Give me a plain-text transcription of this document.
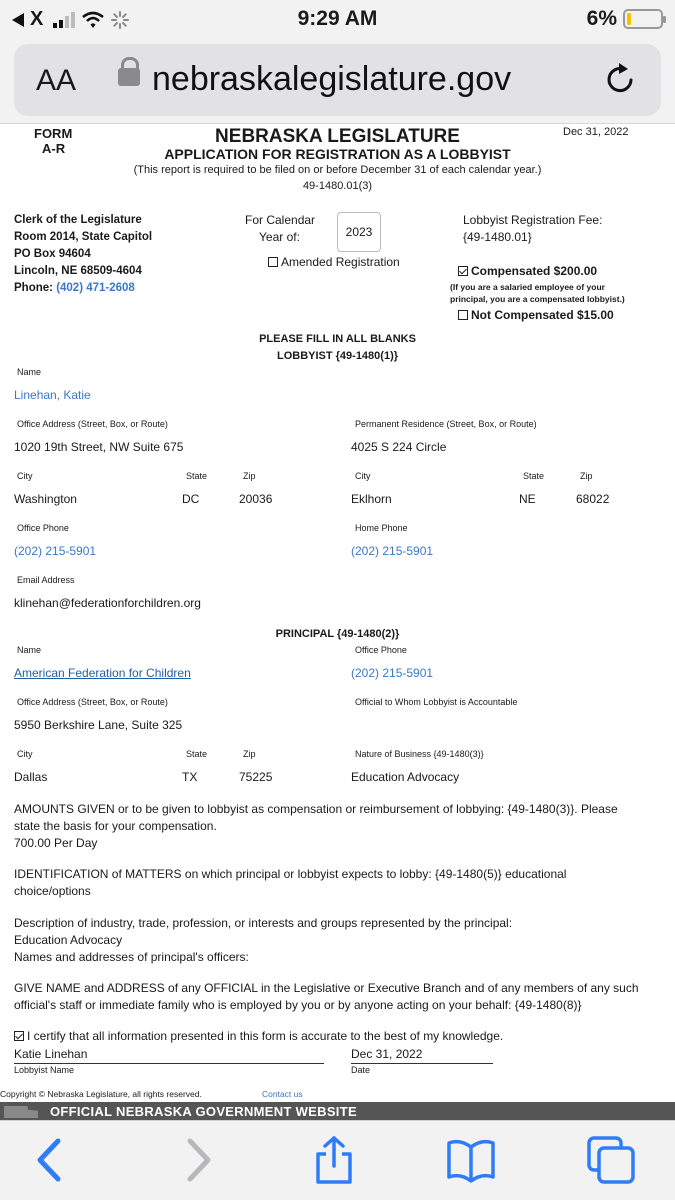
X	9:29 AM	6%
AA nebraskalegislature.gov
FORM
A-R
NEBRASKA LEGISLATURE	Dec 31, 2022
APPLICATION FOR REGISTRATION AS A LOBBYIST
(This report is required to be filed on or before December 31 of each calendar year.)
49-1480.01(3)
Clerk of the Legislature
Room 2014, State Capitol
PO Box 94604
Lincoln, NE 68509-4604
Phone: (402) 471-2608
For Calendar
Year of:	2023
Amended Registration
Lobbyist Registration Fee:
{49-1480.01}
Compensated $200.00
(If you are a salaried employee of your
principal, you are a compensated lobbyist.)
Not Compensated $15.00
PLEASE FILL IN ALL BLANKS
LOBBYIST {49-1480(1)}
Name
Linehan, Katie
Office Address (Street, Box, or Route)
1020 19th Street, NW Suite 675
Permanent Residence (Street, Box, or Route)
4025 S 224 Circle
City	State	Zip	City	State	Zip
Washington	DC	20036	Eklhorn	NE	68022
Office Phone
(202) 215-5901
Home Phone
(202) 215-5901
Email Address
klinehan@federationforchildren.org
PRINCIPAL {49-1480(2)}
Name
American Federation for Children
Office Phone
(202) 215-5901
Office Address (Street, Box, or Route)
5950 Berkshire Lane, Suite 325
Official to Whom Lobbyist is Accountable
City	State	Zip	Nature of Business {49-1480(3)}
Dallas	TX	75225	Education Advocacy
AMOUNTS GIVEN or to be given to lobbyist as compensation or reimbursement of lobbying: {49-1480(3)}. Please
state the basis for your compensation.
700.00 Per Day
IDENTIFICATION of MATTERS on which principal or lobbyist expects to lobby: {49-1480(5)} educational
choice/options
Description of industry, trade, profession, or interests and groups represented by the principal:
Education Advocacy
Names and addresses of principal's officers:
GIVE NAME and ADDRESS of any OFFICIAL in the Legislative or Executive Branch and of any members of any such
official's staff or immediate family who is employed by you or by anyone acting on your behalf: {49-1480(8)}
I certify that all information presented in this form is accurate to the best of my knowledge.
Katie Linehan
Lobbyist Name
Dec 31, 2022
Date
Copyright © Nebraska Legislature, all rights reserved.	Contact us
OFFICIAL NEBRASKA GOVERNMENT WEBSITE
